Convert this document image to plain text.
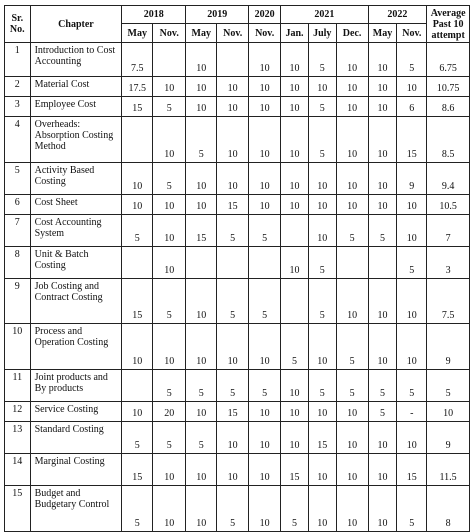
Sr.
No.	Chapter	2018		2019		2020	2021			2022		Average
Past 10
attempt
		May	Nov.	May	Nov.	Nov.	Jan.	July	Dec.	May	Nov.	
1	Introduction to Cost Accounting	7.5		10		10	10	5	10	10	5	6.75
2	Material Cost	17.5	10	10	10	10	10	10	10	10	10	10.75
3	Employee Cost	15	5	10	10	10	10	5	10	10	6	8.6
4	Overheads: Absorption Costing Method		10	5	10	10	10	5	10	10	15	8.5
5	Activity Based Costing	10	5	10	10	10	10	10	10	10	9	9.4
6	Cost Sheet	10	10	10	15	10	10	10	10	10	10	10.5
7	Cost Accounting System	5	10	15	5	5		10	5	5	10	7
8	Unit & Batch Costing		10				10	5			5	3
9	Job Costing and Contract Costing	15	5	10	5	5		5	10	10	10	7.5
10	Process and Operation Costing	10	10	10	10	10	5	10	5	10	10	9
11	Joint products and By products		5	5	5	5	10	5	5	5	5	5
12	Service Costing	10	20	10	15	10	10	10	10	5	-	10
13	Standard Costing	5	5	5	10	10	10	15	10	10	10	9
14	Marginal Costing	15	10	10	10	10	15	10	10	10	15	11.5
15	Budget and Budgetary Control	5	10	10	5	10	5	10	10	10	5	8
